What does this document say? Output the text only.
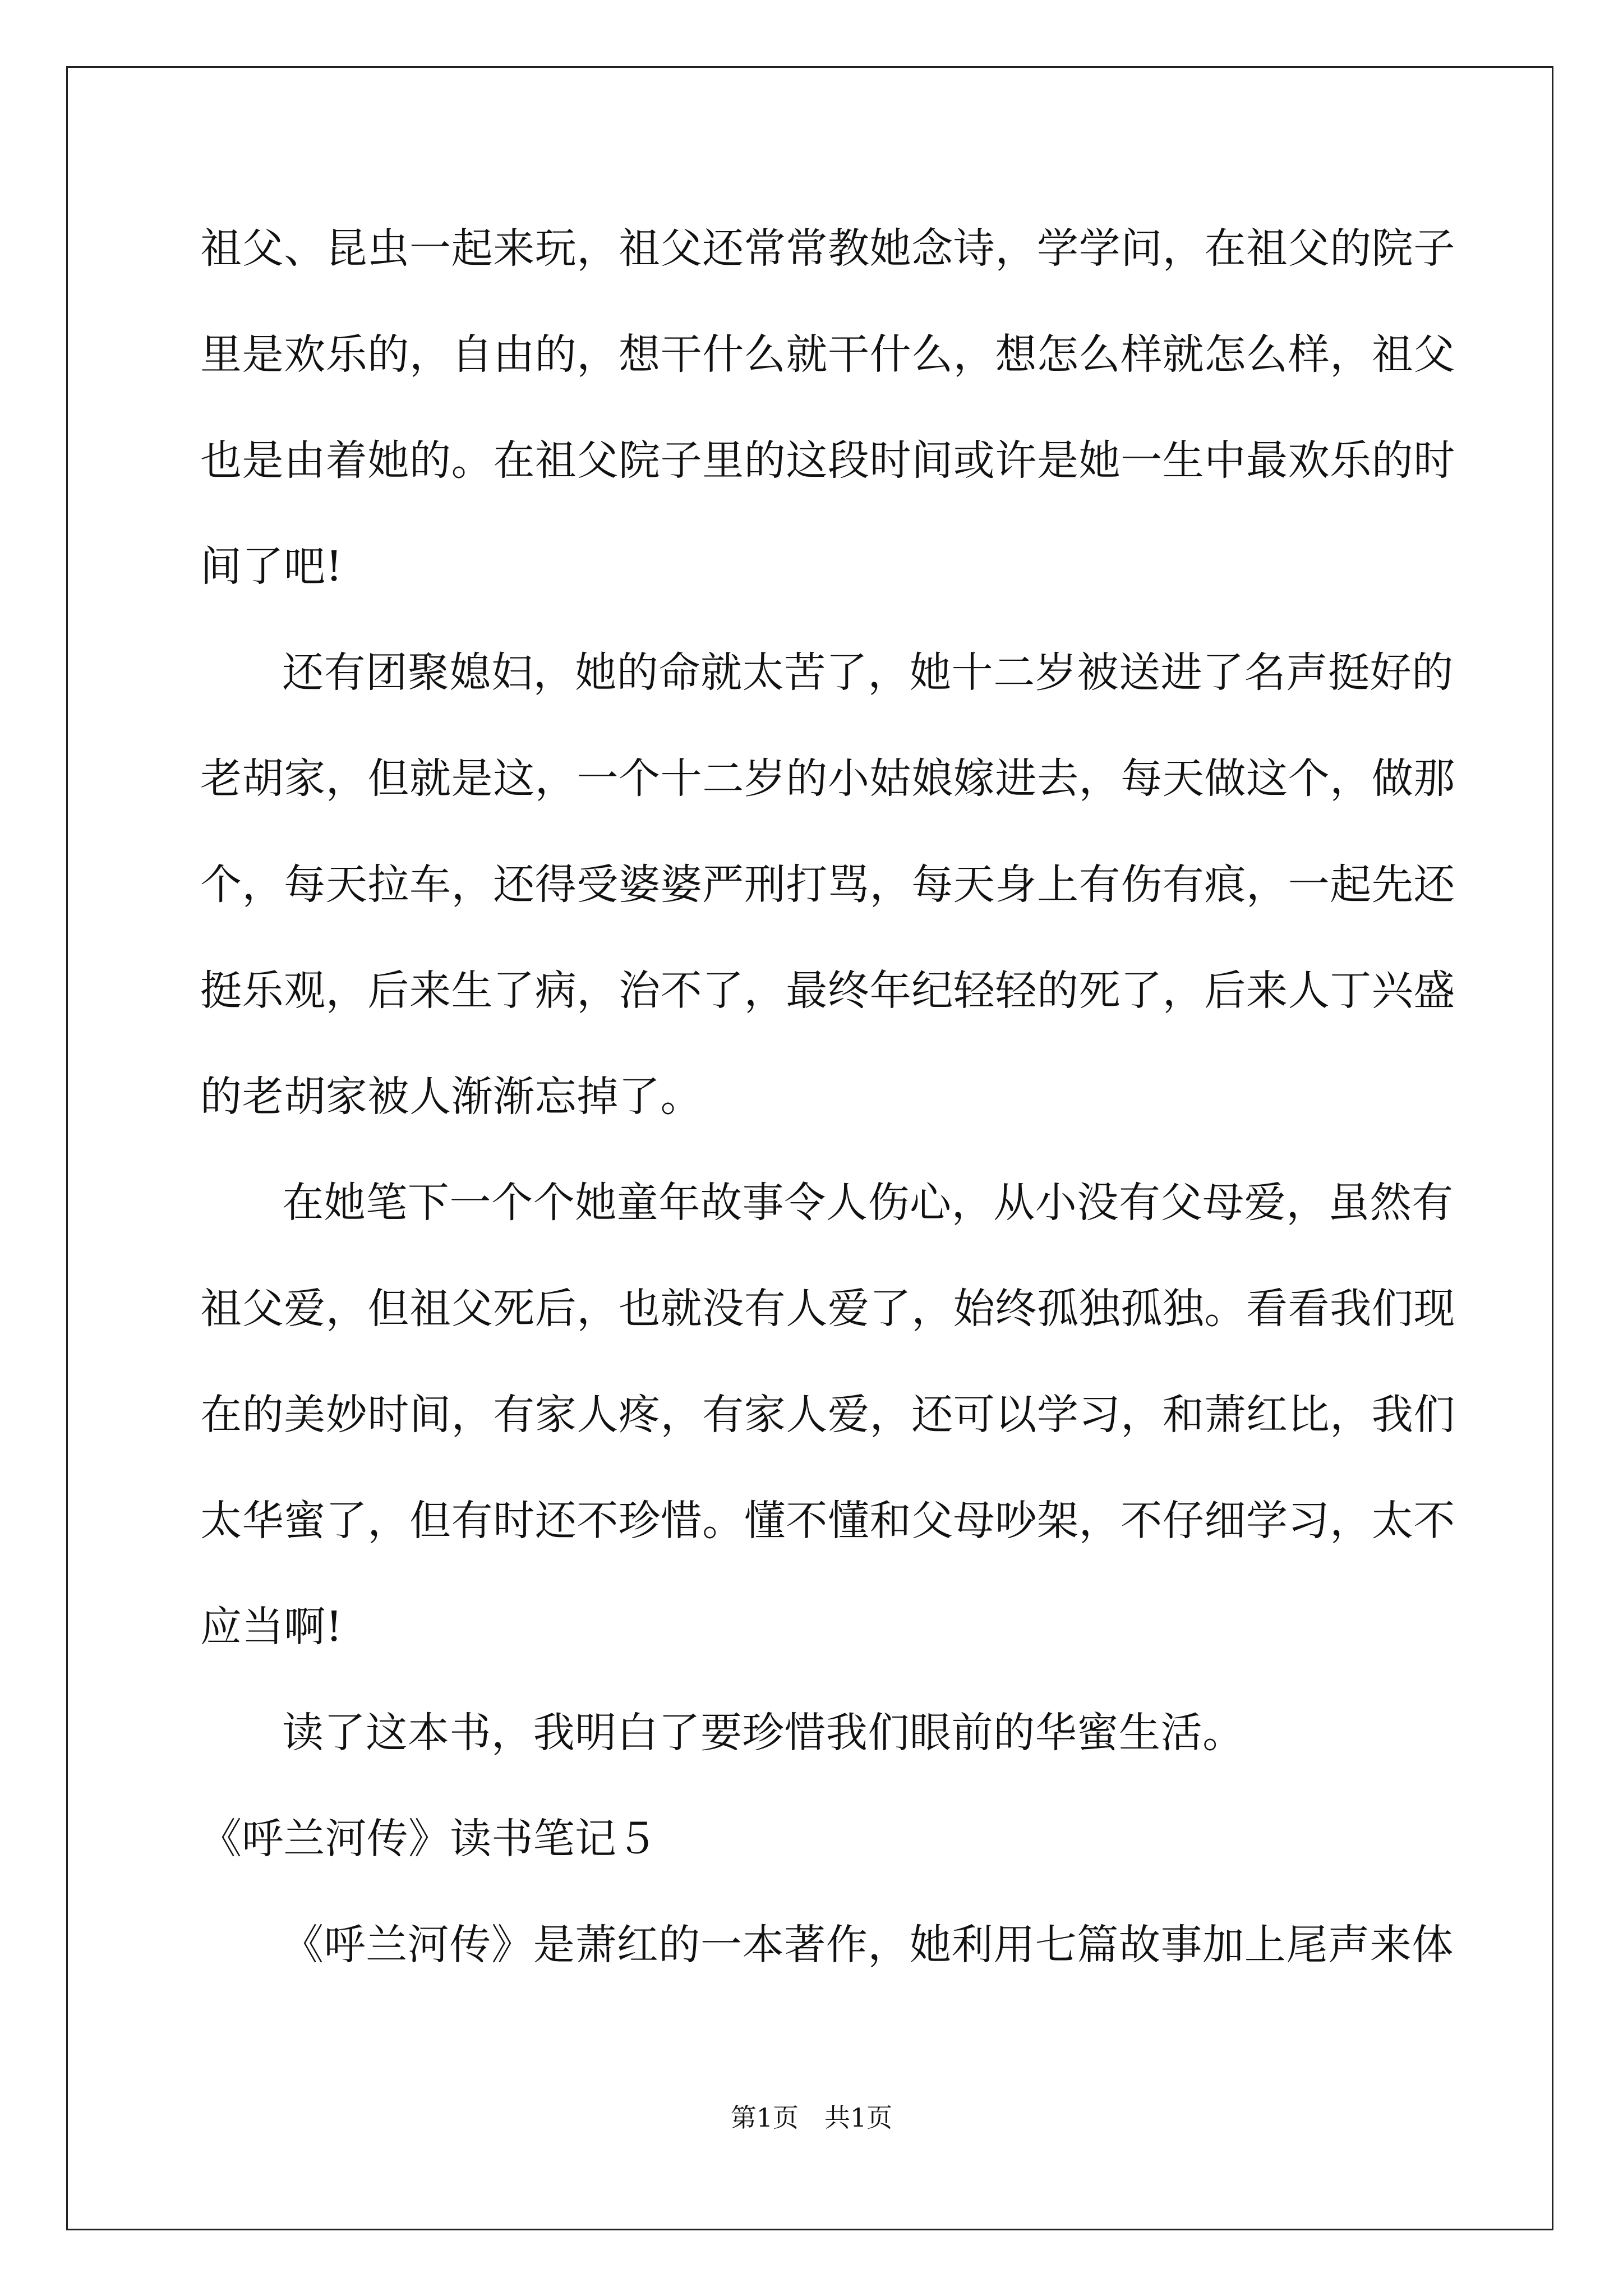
祖父、昆虫一起来玩，祖父还常常教她念诗，学学问，在祖父的院子
里是欢乐的，自由的，想干什么就干什么，想怎么样就怎么样，祖父
也是由着她的。在祖父院子里的这段时间或许是她一生中最欢乐的时
间了吧!
还有团聚媳妇，她的命就太苦了，她十二岁被送进了名声挺好的
老胡家，但就是这，一个十二岁的小姑娘嫁进去，每天做这个，做那
个，每天拉车，还得受婆婆严刑打骂，每天身上有伤有痕，一起先还
挺乐观，后来生了病，治不了，最终年纪轻轻的死了，后来人丁兴盛
的老胡家被人渐渐忘掉了。
在她笔下一个个她童年故事令人伤心，从小没有父母爱，虽然有
祖父爱，但祖父死后，也就没有人爱了，始终孤独孤独。看看我们现
在的美妙时间，有家人疼，有家人爱，还可以学习，和萧红比，我们
太华蜜了，但有时还不珍惜。懂不懂和父母吵架，不仔细学习，太不
应当啊!
读了这本书，我明白了要珍惜我们眼前的华蜜生活。
《呼兰河传》读书笔记５
《呼兰河传》是萧红的一本著作，她利用七篇故事加上尾声来体
第1页　共1页
